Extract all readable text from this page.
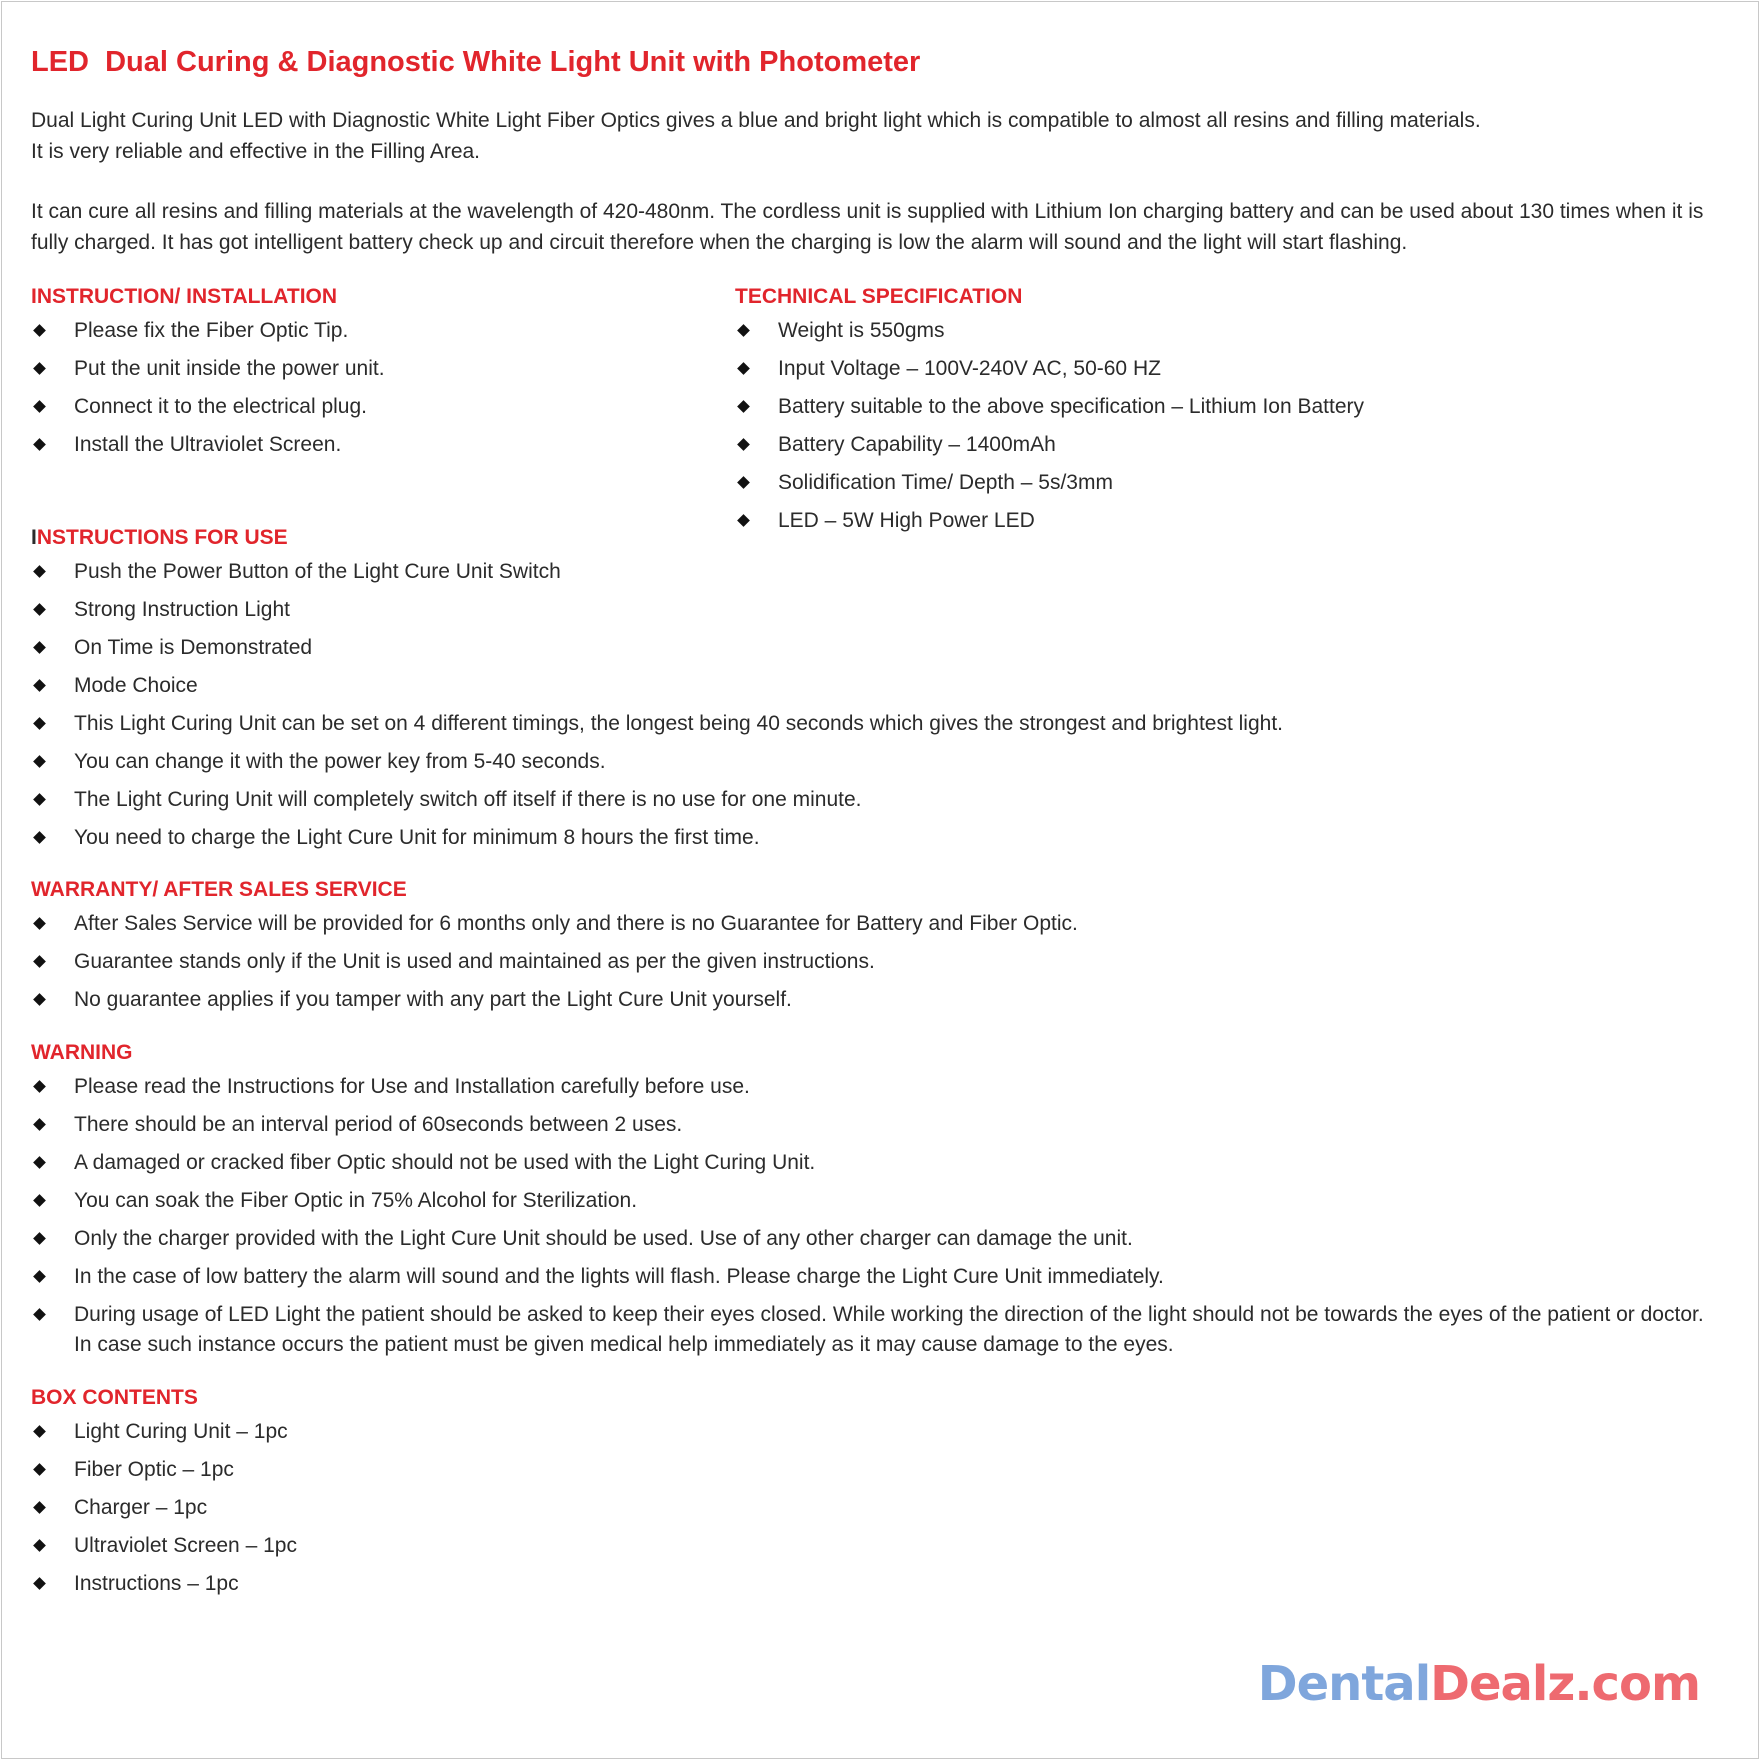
LED  Dual Curing & Diagnostic White Light Unit with Photometer
Dual Light Curing Unit LED with Diagnostic White Light Fiber Optics gives a blue and bright light which is compatible to almost all resins and filling materials.
It is very reliable and effective in the Filling Area.
It can cure all resins and filling materials at the wavelength of 420-480nm. The cordless unit is supplied with Lithium Ion charging battery and can be used about 130 times when it is fully charged. It has got intelligent battery check up and circuit therefore when the charging is low the alarm will sound and the light will start flashing.
INSTRUCTION/ INSTALLATION
Please fix the Fiber Optic Tip.
Put the unit inside the power unit.
Connect it to the electrical plug.
Install the Ultraviolet Screen.
INSTRUCTIONS FOR USE
TECHNICAL SPECIFICATION
Weight is 550gms
Input Voltage – 100V-240V AC, 50-60 HZ
Battery suitable to the above specification – Lithium Ion Battery
Battery Capability – 1400mAh
Solidification Time/ Depth – 5s/3mm
LED – 5W High Power LED
Push the Power Button of the Light Cure Unit Switch
Strong Instruction Light
On Time is Demonstrated
Mode Choice
This Light Curing Unit can be set on 4 different timings, the longest being 40 seconds which gives the strongest and brightest light.
You can change it with the power key from 5-40 seconds.
The Light Curing Unit will completely switch off itself if there is no use for one minute.
You need to charge the Light Cure Unit for minimum 8 hours the first time.
WARRANTY/ AFTER SALES SERVICE
After Sales Service will be provided for 6 months only and there is no Guarantee for Battery and Fiber Optic.
Guarantee stands only if the Unit is used and maintained as per the given instructions.
No guarantee applies if you tamper with any part the Light Cure Unit yourself.
WARNING
Please read the Instructions for Use and Installation carefully before use.
There should be an interval period of 60seconds between 2 uses.
A damaged or cracked fiber Optic should not be used with the Light Curing Unit.
You can soak the Fiber Optic in 75% Alcohol for Sterilization.
Only the charger provided with the Light Cure Unit should be used. Use of any other charger can damage the unit.
In the case of low battery the alarm will sound and the lights will flash. Please charge the Light Cure Unit immediately.
During usage of LED Light the patient should be asked to keep their eyes closed. While working the direction of the light should not be towards the eyes of the patient or doctor. In case such instance occurs the patient must be given medical help immediately as it may cause damage to the eyes.
BOX CONTENTS
Light Curing Unit – 1pc
Fiber Optic – 1pc
Charger – 1pc
Ultraviolet Screen – 1pc
Instructions – 1pc
DentalDealz.com
